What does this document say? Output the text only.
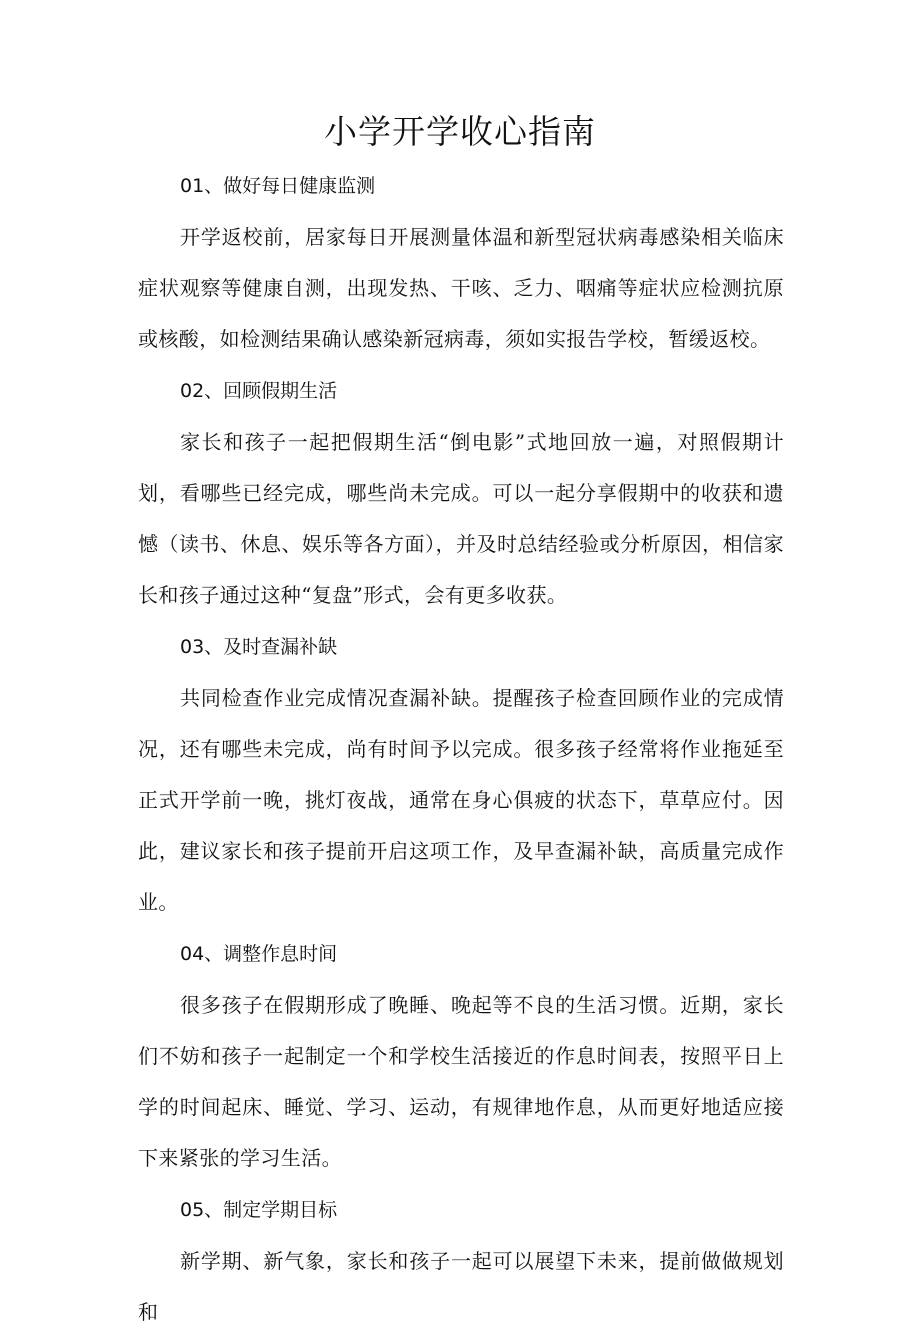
小学开学收心指南

01、做好每日健康监测

开学返校前，居家每日开展测量体温和新型冠状病毒感染相关临床症状观察等健康自测，出现发热、干咳、乏力、咽痛等症状应检测抗原或核酸，如检测结果确认感染新冠病毒，须如实报告学校，暂缓返校。

02、回顾假期生活

家长和孩子一起把假期生活“倒电影”式地回放一遍，对照假期计划，看哪些已经完成，哪些尚未完成。可以一起分享假期中的收获和遗憾（读书、休息、娱乐等各方面），并及时总结经验或分析原因，相信家长和孩子通过这种“复盘”形式，会有更多收获。

03、及时查漏补缺

共同检查作业完成情况查漏补缺。提醒孩子检查回顾作业的完成情况，还有哪些未完成，尚有时间予以完成。很多孩子经常将作业拖延至正式开学前一晚，挑灯夜战，通常在身心俱疲的状态下，草草应付。因此，建议家长和孩子提前开启这项工作，及早查漏补缺，高质量完成作业。

04、调整作息时间

很多孩子在假期形成了晚睡、晚起等不良的生活习惯。近期，家长们不妨和孩子一起制定一个和学校生活接近的作息时间表，按照平日上学的时间起床、睡觉、学习、运动，有规律地作息，从而更好地适应接下来紧张的学习生活。

05、制定学期目标

新学期、新气象，家长和孩子一起可以展望下未来，提前做做规划和
